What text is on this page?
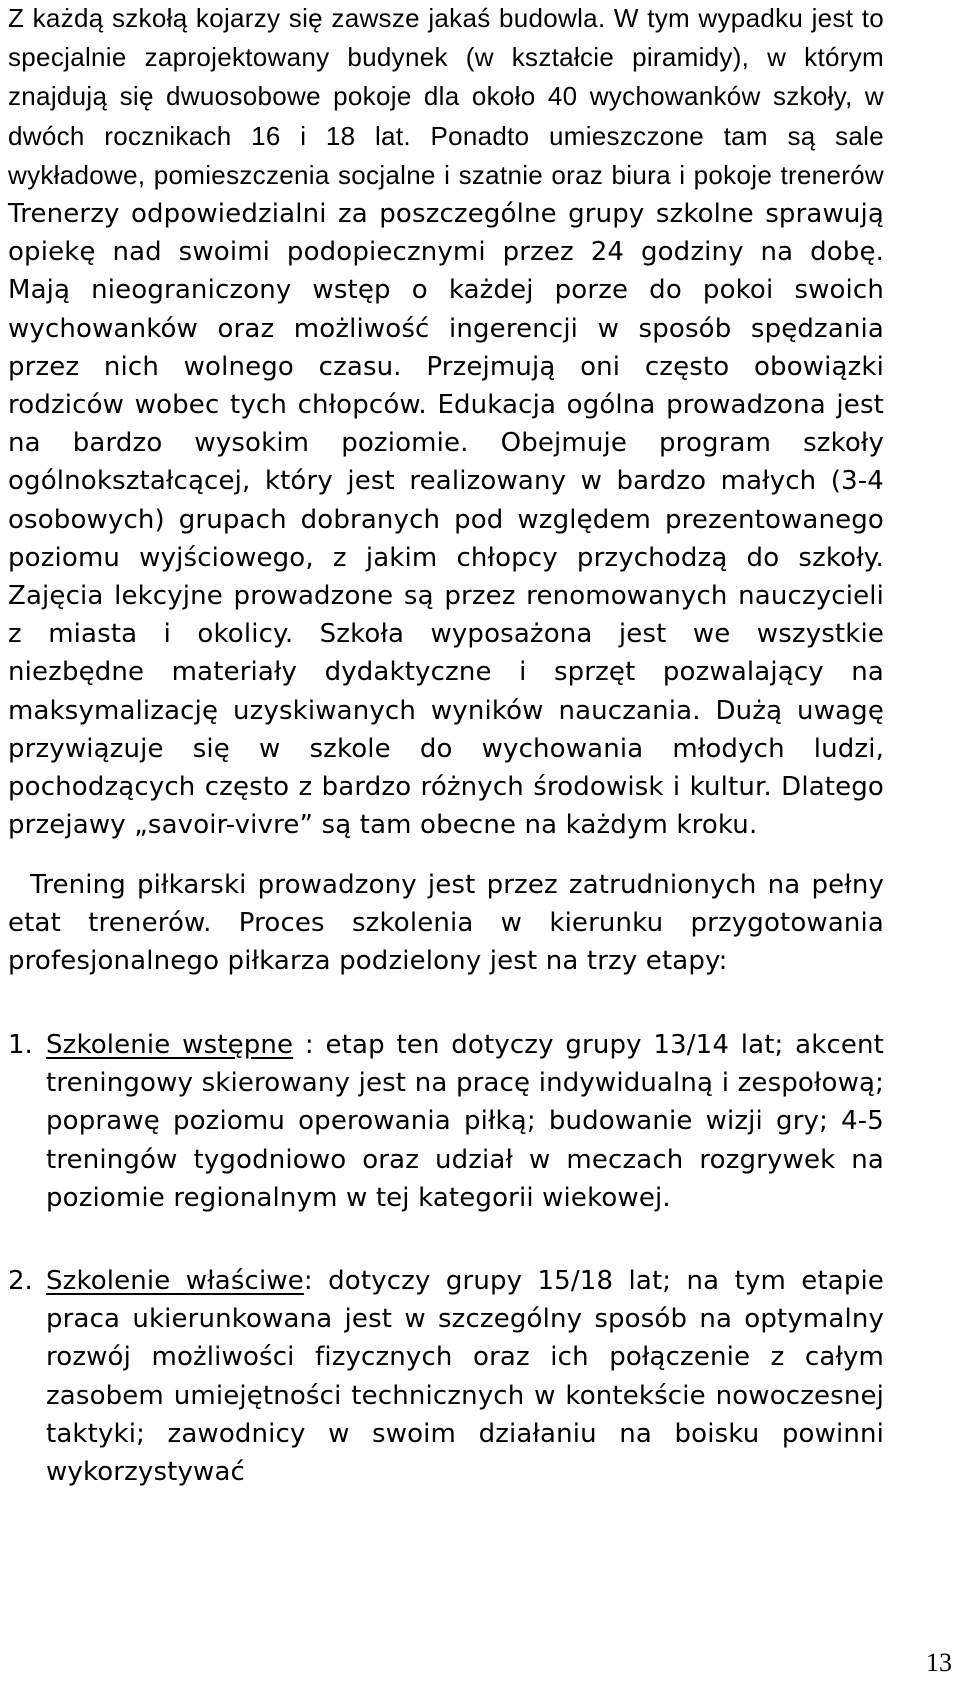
Z każdą szkołą kojarzy się zawsze jakaś budowla. W tym wypadku jest to specjalnie zaprojektowany budynek (w kształcie piramidy), w którym znajdują się dwuosobowe pokoje dla około 40 wychowanków szkoły, w dwóch rocznikach 16 i 18 lat. Ponadto umieszczone tam są sale wykładowe, pomieszczenia socjalne i szatnie oraz biura i pokoje trenerów Trenerzy odpowiedzialni za poszczególne grupy szkolne sprawują opiekę nad swoimi podopiecznymi przez 24 godziny na dobę. Mają nieograniczony wstęp o każdej porze do pokoi swoich wychowanków oraz możliwość ingerencji w sposób spędzania przez nich wolnego czasu. Przejmują oni często obowiązki rodziców wobec tych chłopców. Edukacja ogólna prowadzona jest na bardzo wysokim poziomie. Obejmuje program szkoły ogólnokształcącej, który jest realizowany w bardzo małych (3-4 osobowych) grupach dobranych pod względem prezentowanego poziomu wyjściowego, z jakim chłopcy przychodzą do szkoły. Zajęcia lekcyjne prowadzone są przez renomowanych nauczycieli z miasta i okolicy. Szkoła wyposażona jest we wszystkie niezbędne materiały dydaktyczne i sprzęt pozwalający na maksymalizację uzyskiwanych wyników nauczania. Dużą uwagę przywiązuje się w szkole do wychowania młodych ludzi, pochodzących często z bardzo różnych środowisk i kultur. Dlatego przejawy „savoir-vivre” są tam obecne na każdym kroku.

Trening piłkarski prowadzony jest przez zatrudnionych na pełny etat trenerów. Proces szkolenia w kierunku przygotowania profesjonalnego piłkarza podzielony jest na trzy etapy:

1. Szkolenie wstępne : etap ten dotyczy grupy 13/14 lat; akcent treningowy skierowany jest na pracę indywidualną i zespołową; poprawę poziomu operowania piłką; budowanie wizji gry; 4-5 treningów tygodniowo oraz udział w meczach rozgrywek na poziomie regionalnym w tej kategorii wiekowej.
2. Szkolenie właściwe: dotyczy grupy 15/18 lat; na tym etapie praca ukierunkowana jest w szczególny sposób na optymalny rozwój możliwości fizycznych oraz ich połączenie z całym zasobem umiejętności technicznych w kontekście nowoczesnej taktyki; zawodnicy w swoim działaniu na boisku powinni wykorzystywać
13
